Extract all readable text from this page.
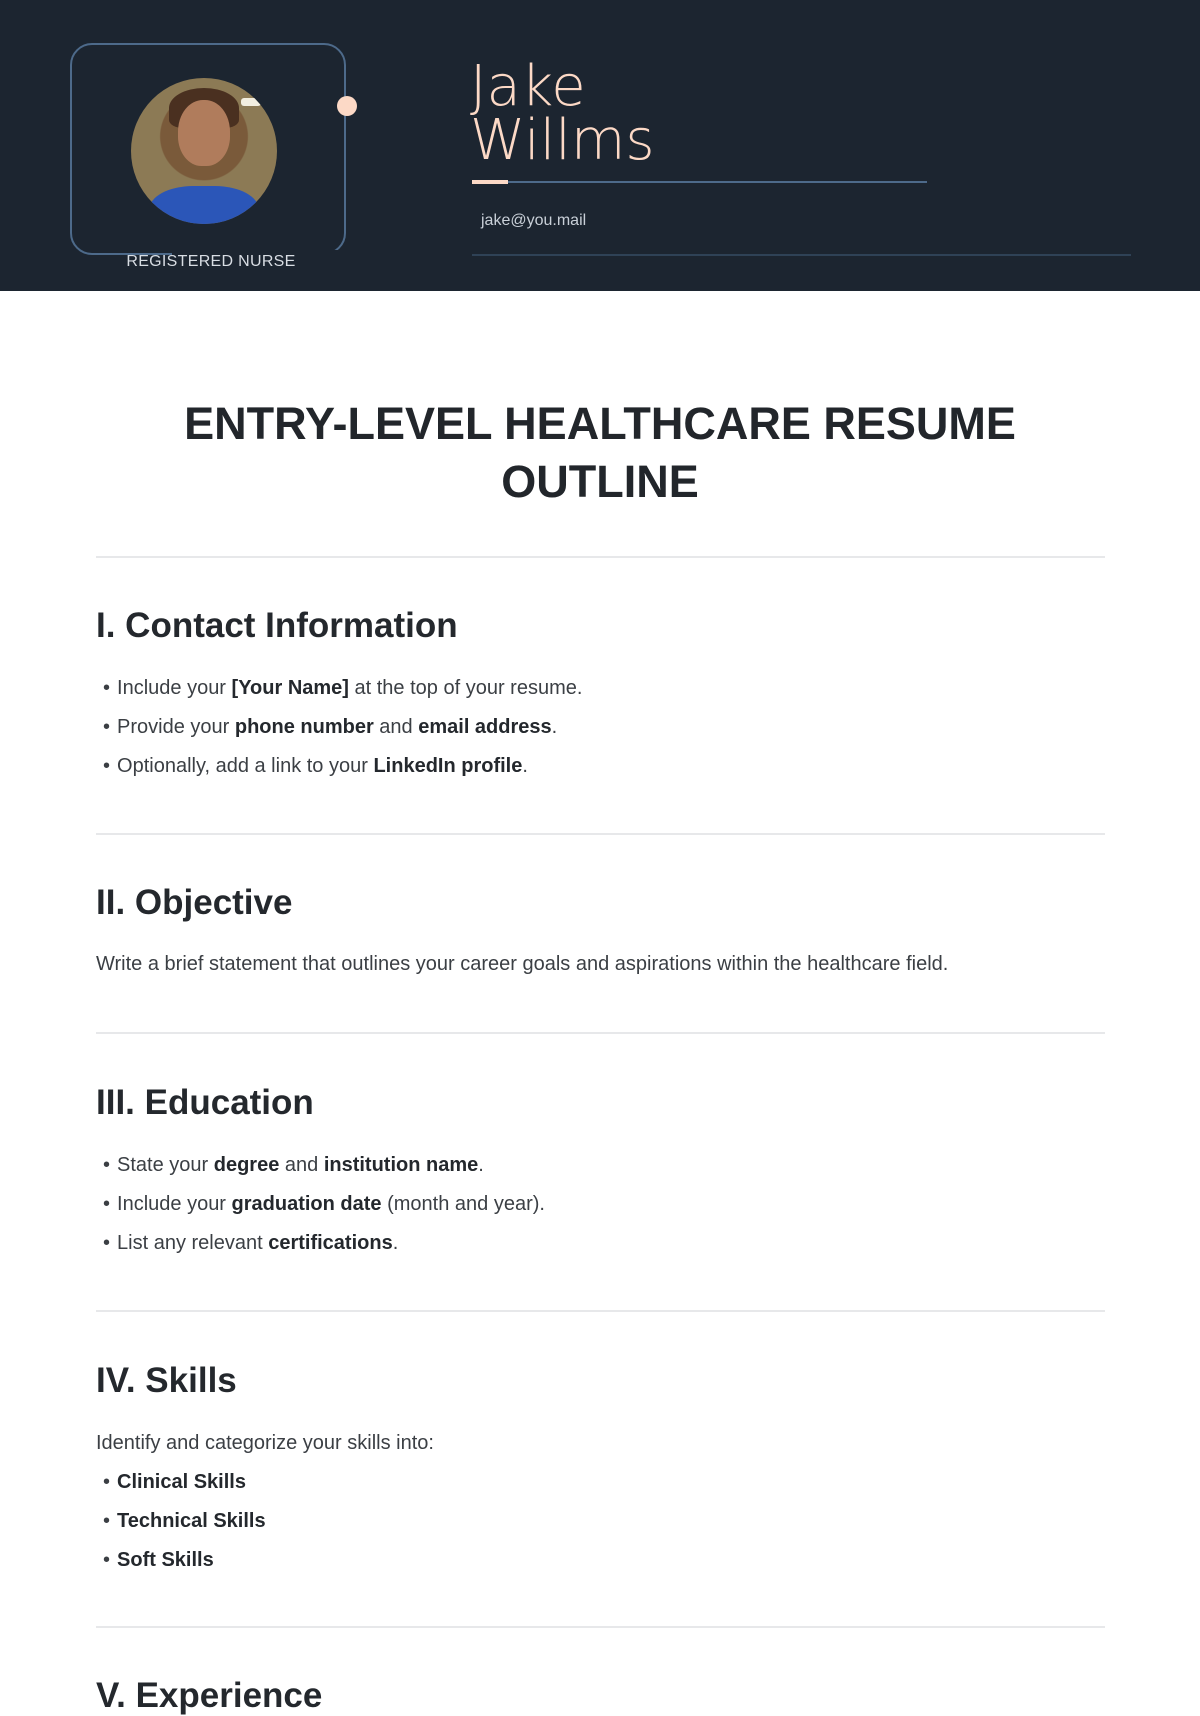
REGISTERED NURSE
Jake
Willms
jake@you.mail
ENTRY-LEVEL HEALTHCARE RESUME OUTLINE
I. Contact Information
• Include your [Your Name] at the top of your resume.
• Provide your phone number and email address.
• Optionally, add a link to your LinkedIn profile.
II. Objective
Write a brief statement that outlines your career goals and aspirations within the healthcare field.
III. Education
• State your degree and institution name.
• Include your graduation date (month and year).
• List any relevant certifications.
IV. Skills
Identify and categorize your skills into:
• Clinical Skills
• Technical Skills
• Soft Skills
V. Experience
